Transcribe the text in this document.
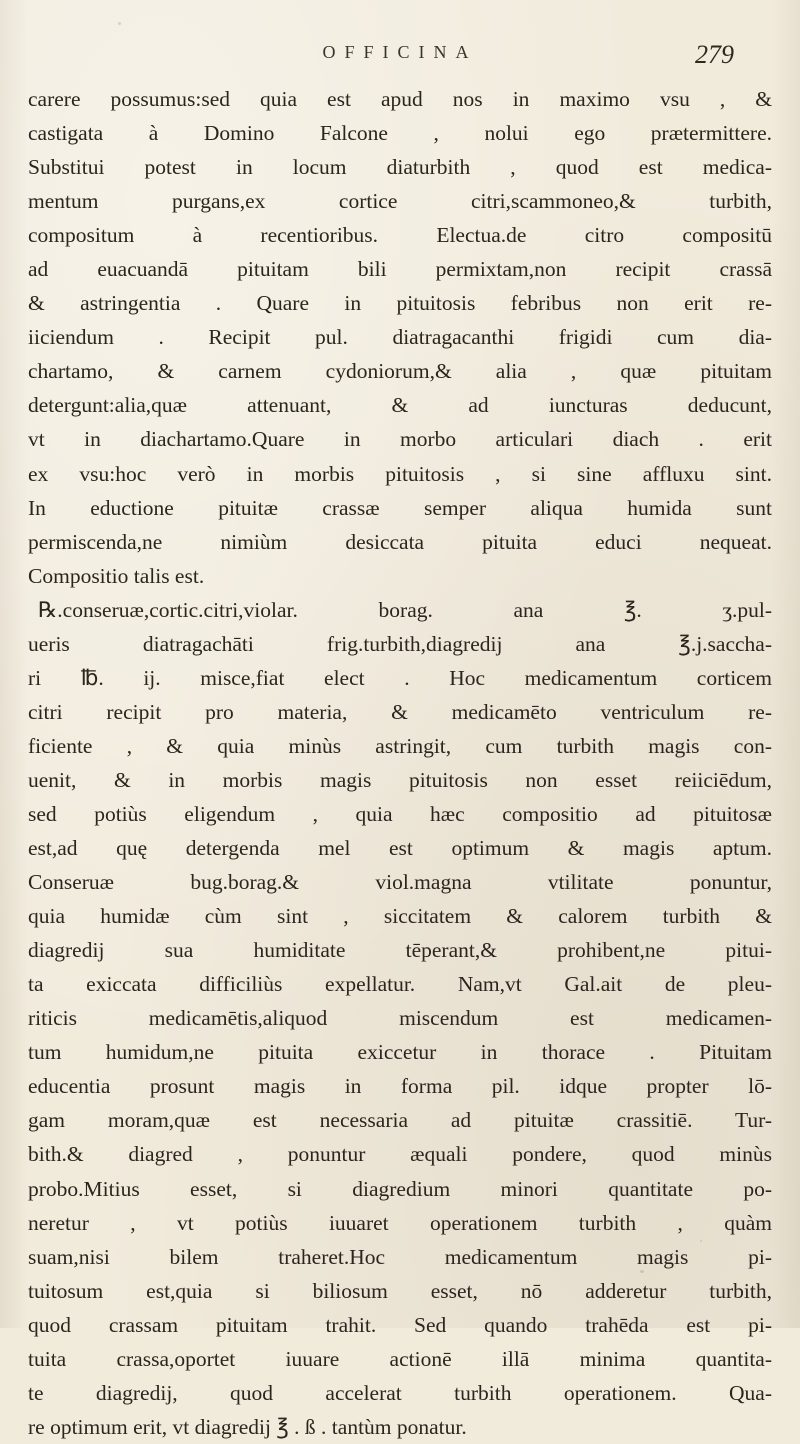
OFFICINA	279
carere possumus:sed quia est apud nos in maximo vsu , &
castigata à Domino Falcone , nolui ego prætermittere.
Substitui potest in locum diaturbith , quod est medica-
mentum purgans,ex cortice citri,scammoneo,& turbith,
compositum à recentioribus. Electua.de citro compositū
ad euacuandā pituitam bili permixtam,non recipit crassā
& astringentia . Quare in pituitosis febribus non erit re-
iiciendum . Recipit pul. diatragacanthi frigidi cum dia-
chartamo, & carnem cydoniorum,& alia , quæ pituitam
detergunt:alia,quæ attenuant, & ad iuncturas deducunt,
vt in diachartamo.Quare in morbo articulari diach . erit
ex vsu:hoc verò in morbis pituitosis , si sine affluxu sint.
In eductione pituitæ crassæ semper aliqua humida sunt
permiscenda,ne nimiùm desiccata pituita educi nequeat.
Compositio talis est.
℞.conseruæ,cortic.citri,violar. borag. ana ℥. ʒ.pul-
ueris diatragachāti frig.turbith,diagredij ana ℥.j.saccha-
ri ℔. ij. misce,fiat elect . Hoc medicamentum corticem
citri recipit pro materia, & medicamēto ventriculum re-
ficiente , & quia minùs astringit, cum turbith magis con-
uenit, & in morbis magis pituitosis non esset reiiciēdum,
sed potiùs eligendum , quia hæc compositio ad pituitosæ
est,ad quę detergenda mel est optimum & magis aptum.
Conseruæ bug.borag.& viol.magna vtilitate ponuntur,
quia humidæ cùm sint , siccitatem & calorem turbith &
diagredij sua humiditate tēperant,& prohibent,ne pitui-
ta exiccata difficiliùs expellatur. Nam,vt Gal.ait de pleu-
riticis medicamētis,aliquod miscendum est medicamen-
tum humidum,ne pituita exiccetur in thorace . Pituitam
educentia prosunt magis in forma pil. idque propter lō-
gam moram,quæ est necessaria ad pituitæ crassitiē. Tur-
bith.& diagred , ponuntur æquali pondere, quod minùs
probo.Mitius esset, si diagredium minori quantitate po-
neretur , vt potiùs iuuaret operationem turbith , quàm
suam,nisi bilem traheret.Hoc medicamentum magis pi-
tuitosum est,quia si biliosum esset, nō adderetur turbith,
quod crassam pituitam trahit. Sed quando trahēda est pi-
tuita crassa,oportet iuuare actionē illā minima quantita-
te diagredij, quod accelerat turbith operationem. Qua-
re optimum erit, vt diagredij ℥ . ß . tantùm ponatur.
